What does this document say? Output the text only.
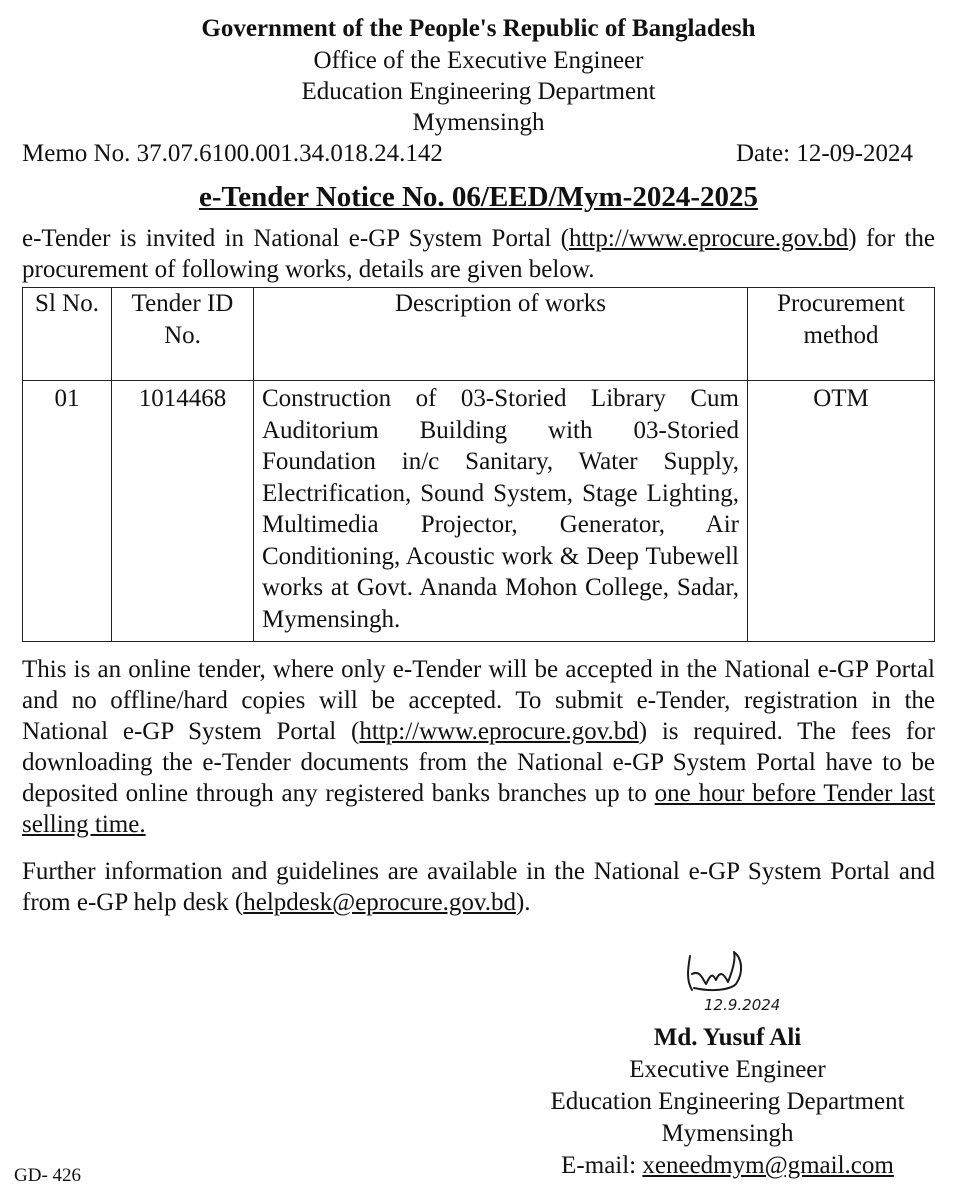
Government of the People's Republic of Bangladesh
Office of the Executive Engineer
Education Engineering Department
Mymensingh
Memo No. 37.07.6100.001.34.018.24.142	Date: 12-09-2024
e-Tender Notice No. 06/EED/Mym-2024-2025

e-Tender is invited in National e-GP System Portal (http://www.eprocure.gov.bd) for the procurement of following works, details are given below.

Sl No.	Tender ID No.	Description of works	Procurement method
01	1014468	Construction of 03-Storied Library Cum Auditorium Building with 03-Storied Foundation in/c Sanitary, Water Supply, Electrification, Sound System, Stage Lighting, Multimedia Projector, Generator, Air Conditioning, Acoustic work & Deep Tubewell works at Govt. Ananda Mohon College, Sadar, Mymensingh.	OTM

This is an online tender, where only e-Tender will be accepted in the National e-GP Portal and no offline/hard copies will be accepted. To submit e-Tender, registration in the National e-GP System Portal (http://www.eprocure.gov.bd) is required. The fees for downloading the e-Tender documents from the National e-GP System Portal have to be deposited online through any registered banks branches up to one hour before Tender last selling time.

Further information and guidelines are available in the National e-GP System Portal and from e-GP help desk (helpdesk@eprocure.gov.bd).

12.9.2024
Md. Yusuf Ali
Executive Engineer
Education Engineering Department
Mymensingh
E-mail: xeneedmym@gmail.com
GD- 426
